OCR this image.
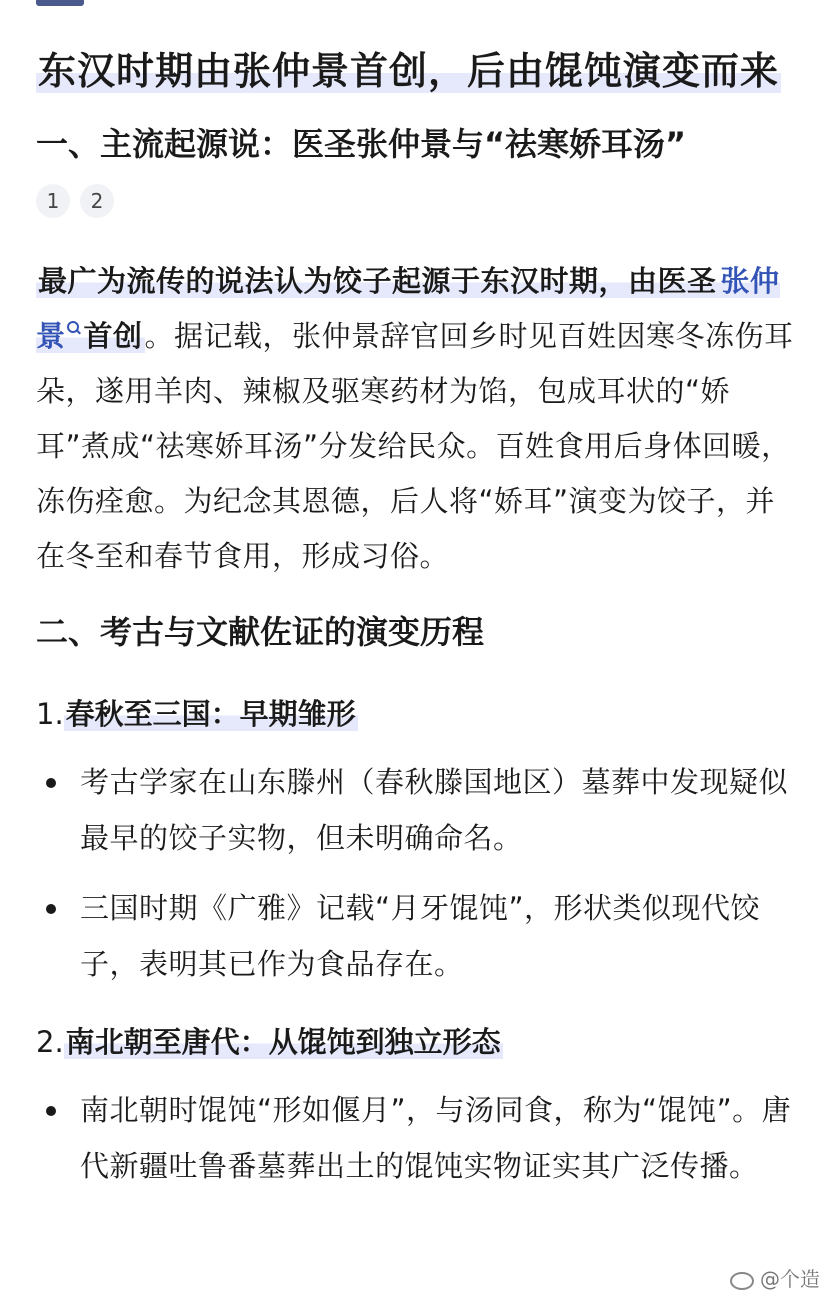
东汉时期由张仲景首创，后由馄饨演变而来
一、主流起源说：医圣张仲景与“祛寒娇耳汤”
1	2

最广为流传的说法认为饺子起源于东汉时期，由医圣 张仲景 首创。据记载，张仲景辞官回乡时见百姓因寒冬冻伤耳朵，遂用羊肉、辣椒及驱寒药材为馅，包成耳状的“娇耳”煮成“祛寒娇耳汤”分发给民众。百姓食用后身体回暖，冻伤痊愈。为纪念其恩德，后人将“娇耳”演变为饺子，并在冬至和春节食用，形成习俗。

二、考古与文献佐证的演变历程

1.春秋至三国：早期雏形

考古学家在山东滕州（春秋滕国地区）墓葬中发现疑似最早的饺子实物，但未明确命名。

三国时期《广雅》记载“月牙馄饨”，形状类似现代饺子，表明其已作为食品存在。

2.南北朝至唐代：从馄饨到独立形态

南北朝时馄饨“形如偃月”，与汤同食，称为“馄饨”。唐代新疆吐鲁番墓葬出土的馄饨实物证实其广泛传播。

@个造
